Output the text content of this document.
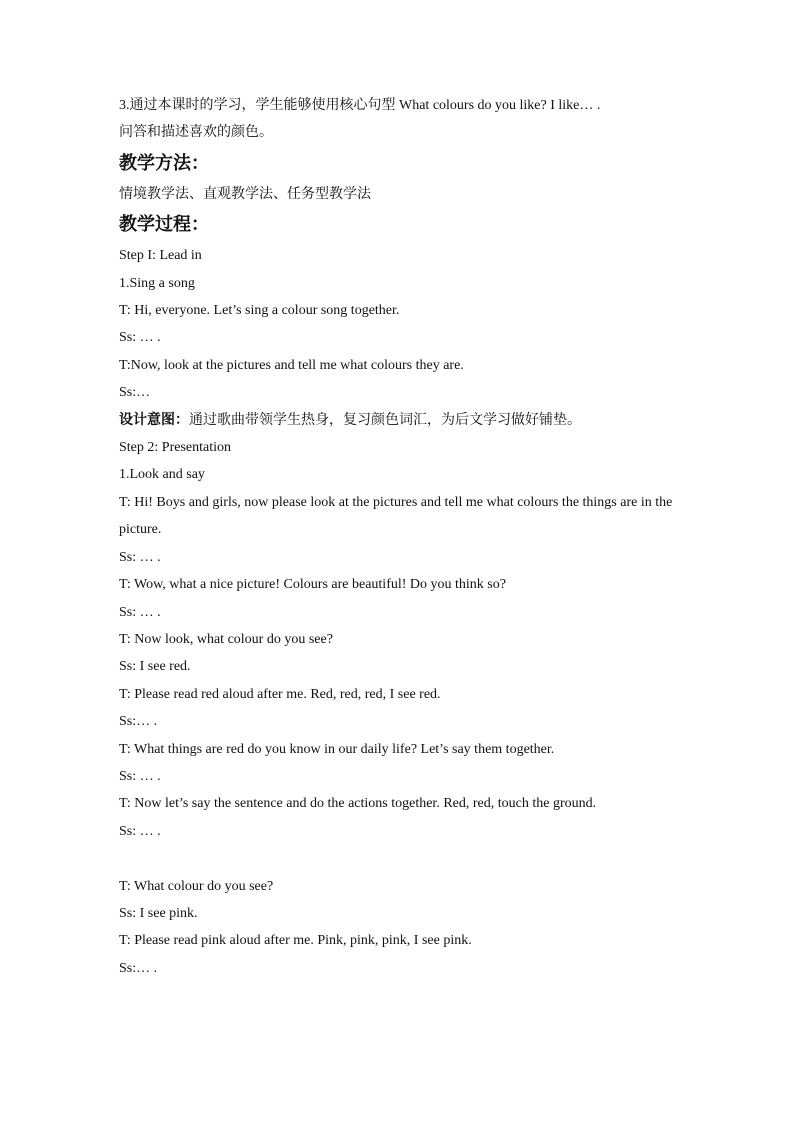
3.通过本课时的学习，学生能够使用核心句型 What colours do you like? I like… .
问答和描述喜欢的颜色。
教学方法：
情境教学法、直观教学法、任务型教学法
教学过程：
Step I: Lead in
1.Sing a song
T: Hi, everyone. Let’s sing a colour song together.
Ss: … .
T:Now, look at the pictures and tell me what colours they are.
Ss:…
设计意图：通过歌曲带领学生热身，复习颜色词汇，为后文学习做好铺垫。
Step 2: Presentation
1.Look and say
T: Hi! Boys and girls, now please look at the pictures and tell me what colours the things are in the picture.
Ss: … .
T: Wow, what a nice picture! Colours are beautiful! Do you think so?
Ss: … .
T: Now look, what colour do you see?
Ss: I see red.
T: Please read red aloud after me. Red, red, red, I see red.
Ss:… .
T: What things are red do you know in our daily life? Let’s say them together.
Ss: … .
T: Now let’s say the sentence and do the actions together. Red, red, touch the ground.
Ss: … .
T: What colour do you see?
Ss: I see pink.
T: Please read pink aloud after me. Pink, pink, pink, I see pink.
Ss:… .
